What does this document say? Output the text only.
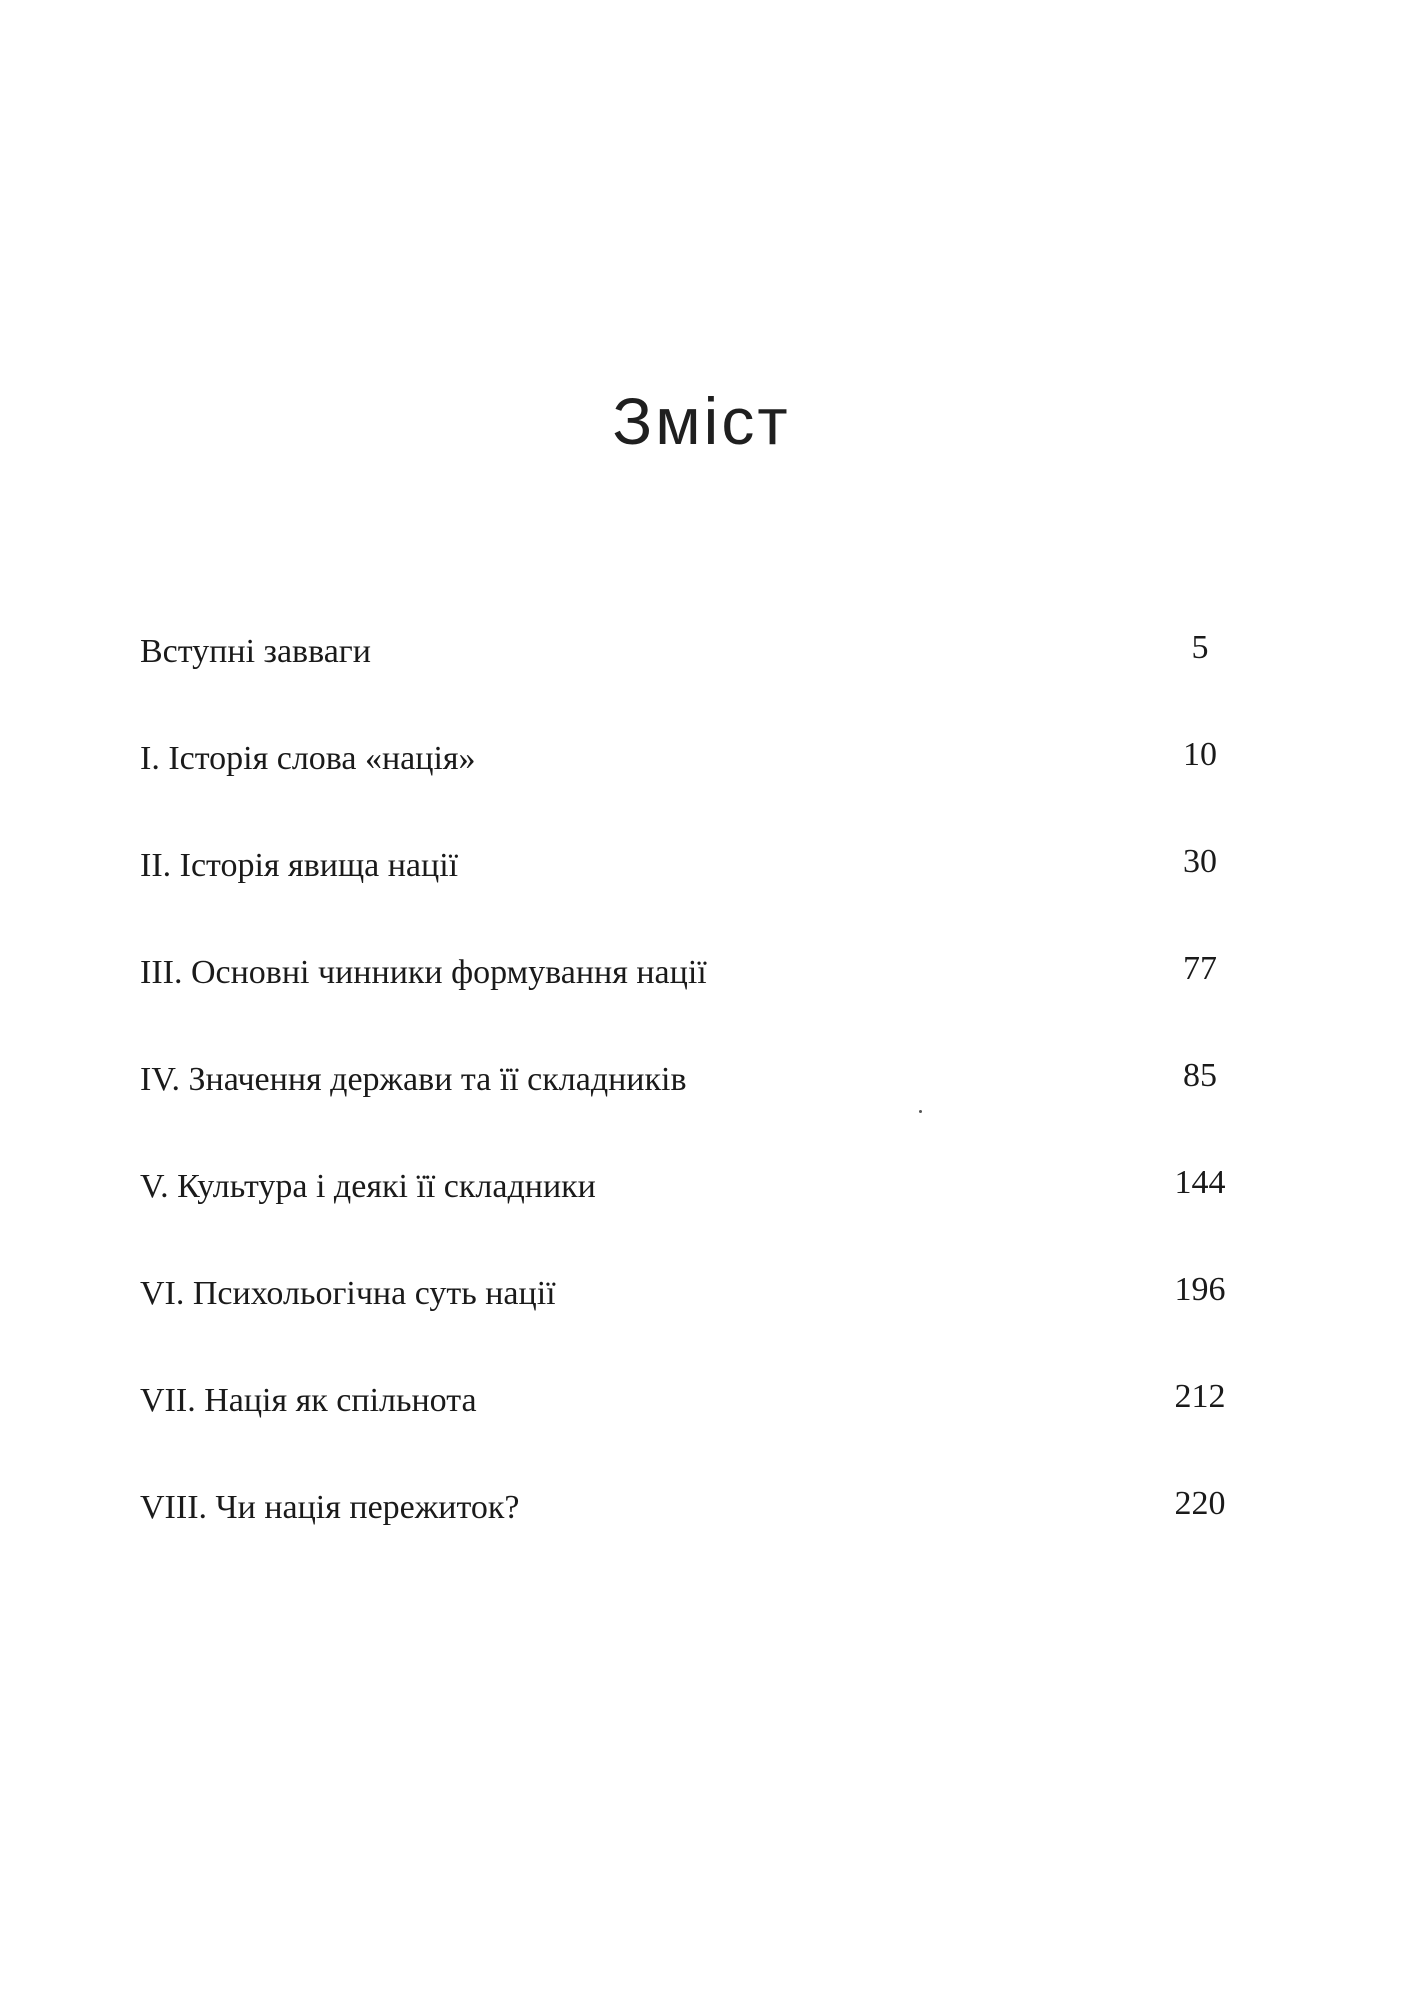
Зміст
Вступні завваги	5
I. Історія слова «нація»	10
II. Історія явища нації	30
III. Основні чинники формування нації	77
IV. Значення держави та її складників	85
V. Культура і деякі її складники	144
VI. Психольогічна суть нації	196
VII. Нація як спільнота	212
VIII. Чи нація пережиток?	220
